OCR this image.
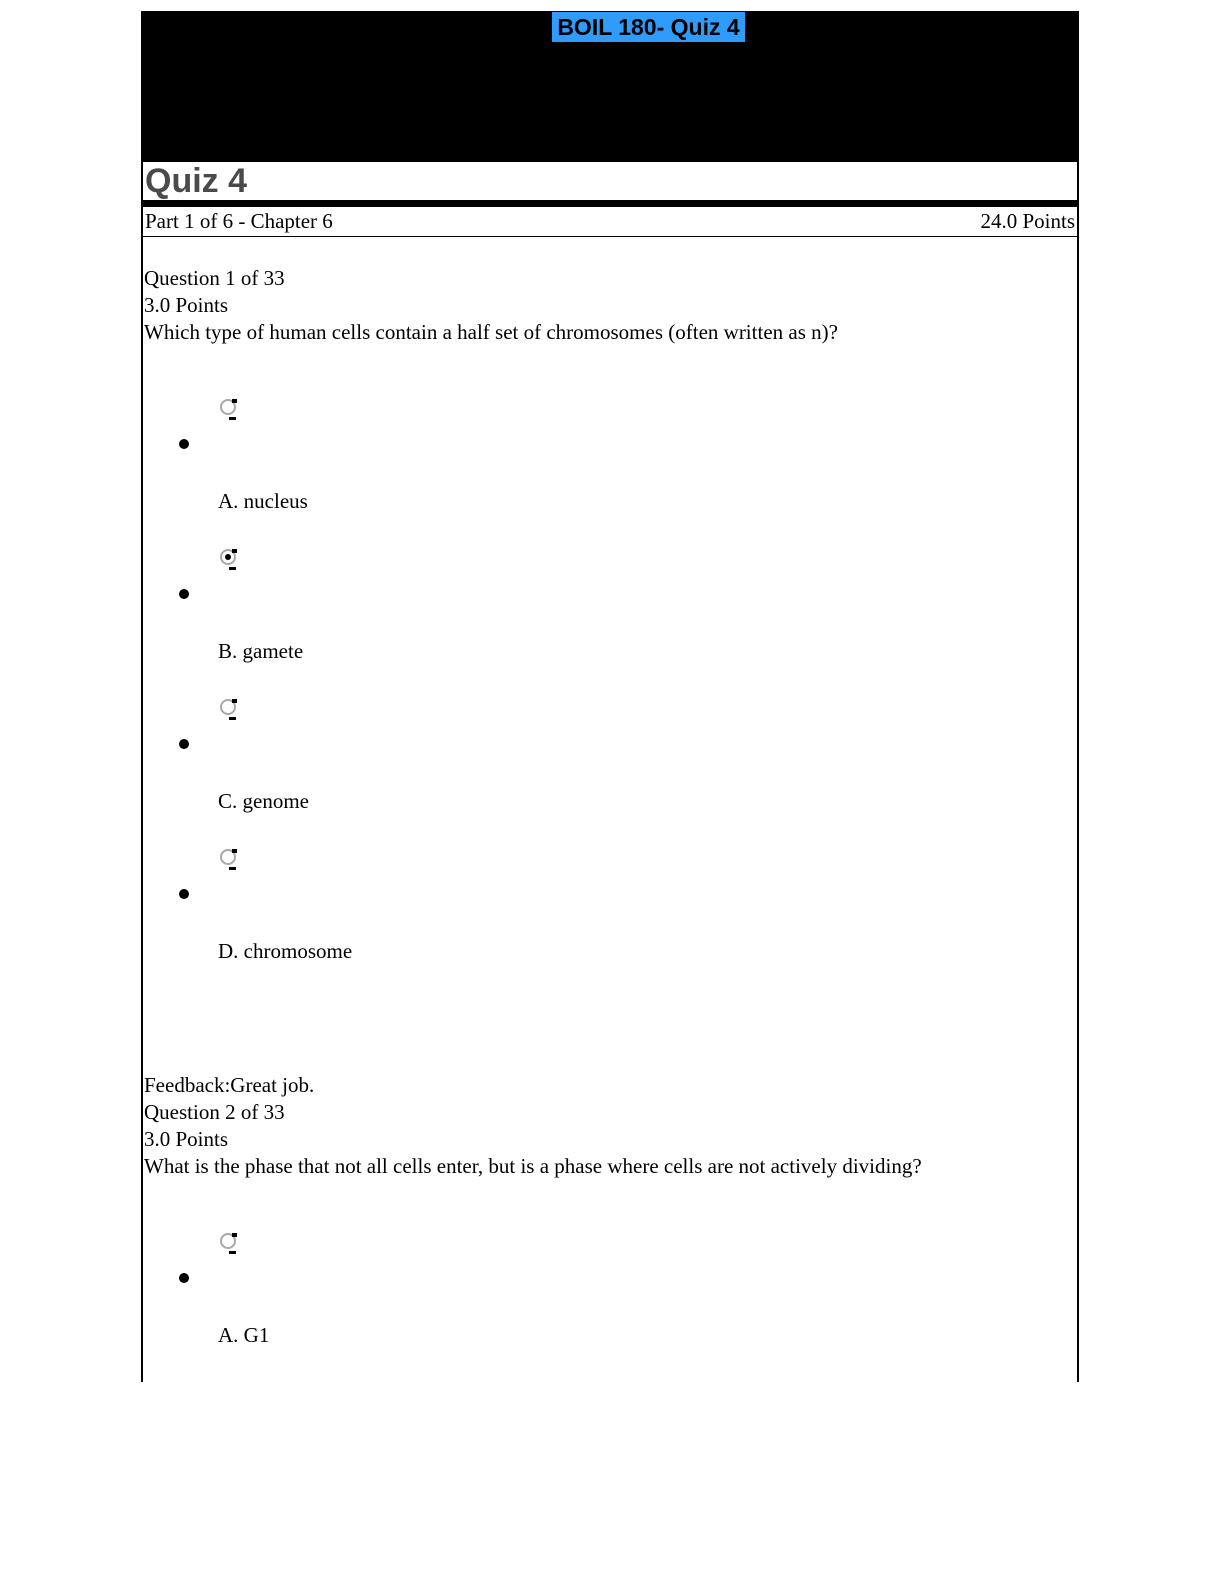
BOIL 180- Quiz 4
Quiz 4
Part 1 of 6 - Chapter 6	24.0 Points

Question 1 of 33

3.0 Points

Which type of human cells contain a half set of chromosomes (often written as n)?

A. nucleus
B. gamete
C. genome
D. chromosome

Feedback:Great job.

Question 2 of 33

3.0 Points

What is the phase that not all cells enter, but is a phase where cells are not actively dividing?

A. G1
